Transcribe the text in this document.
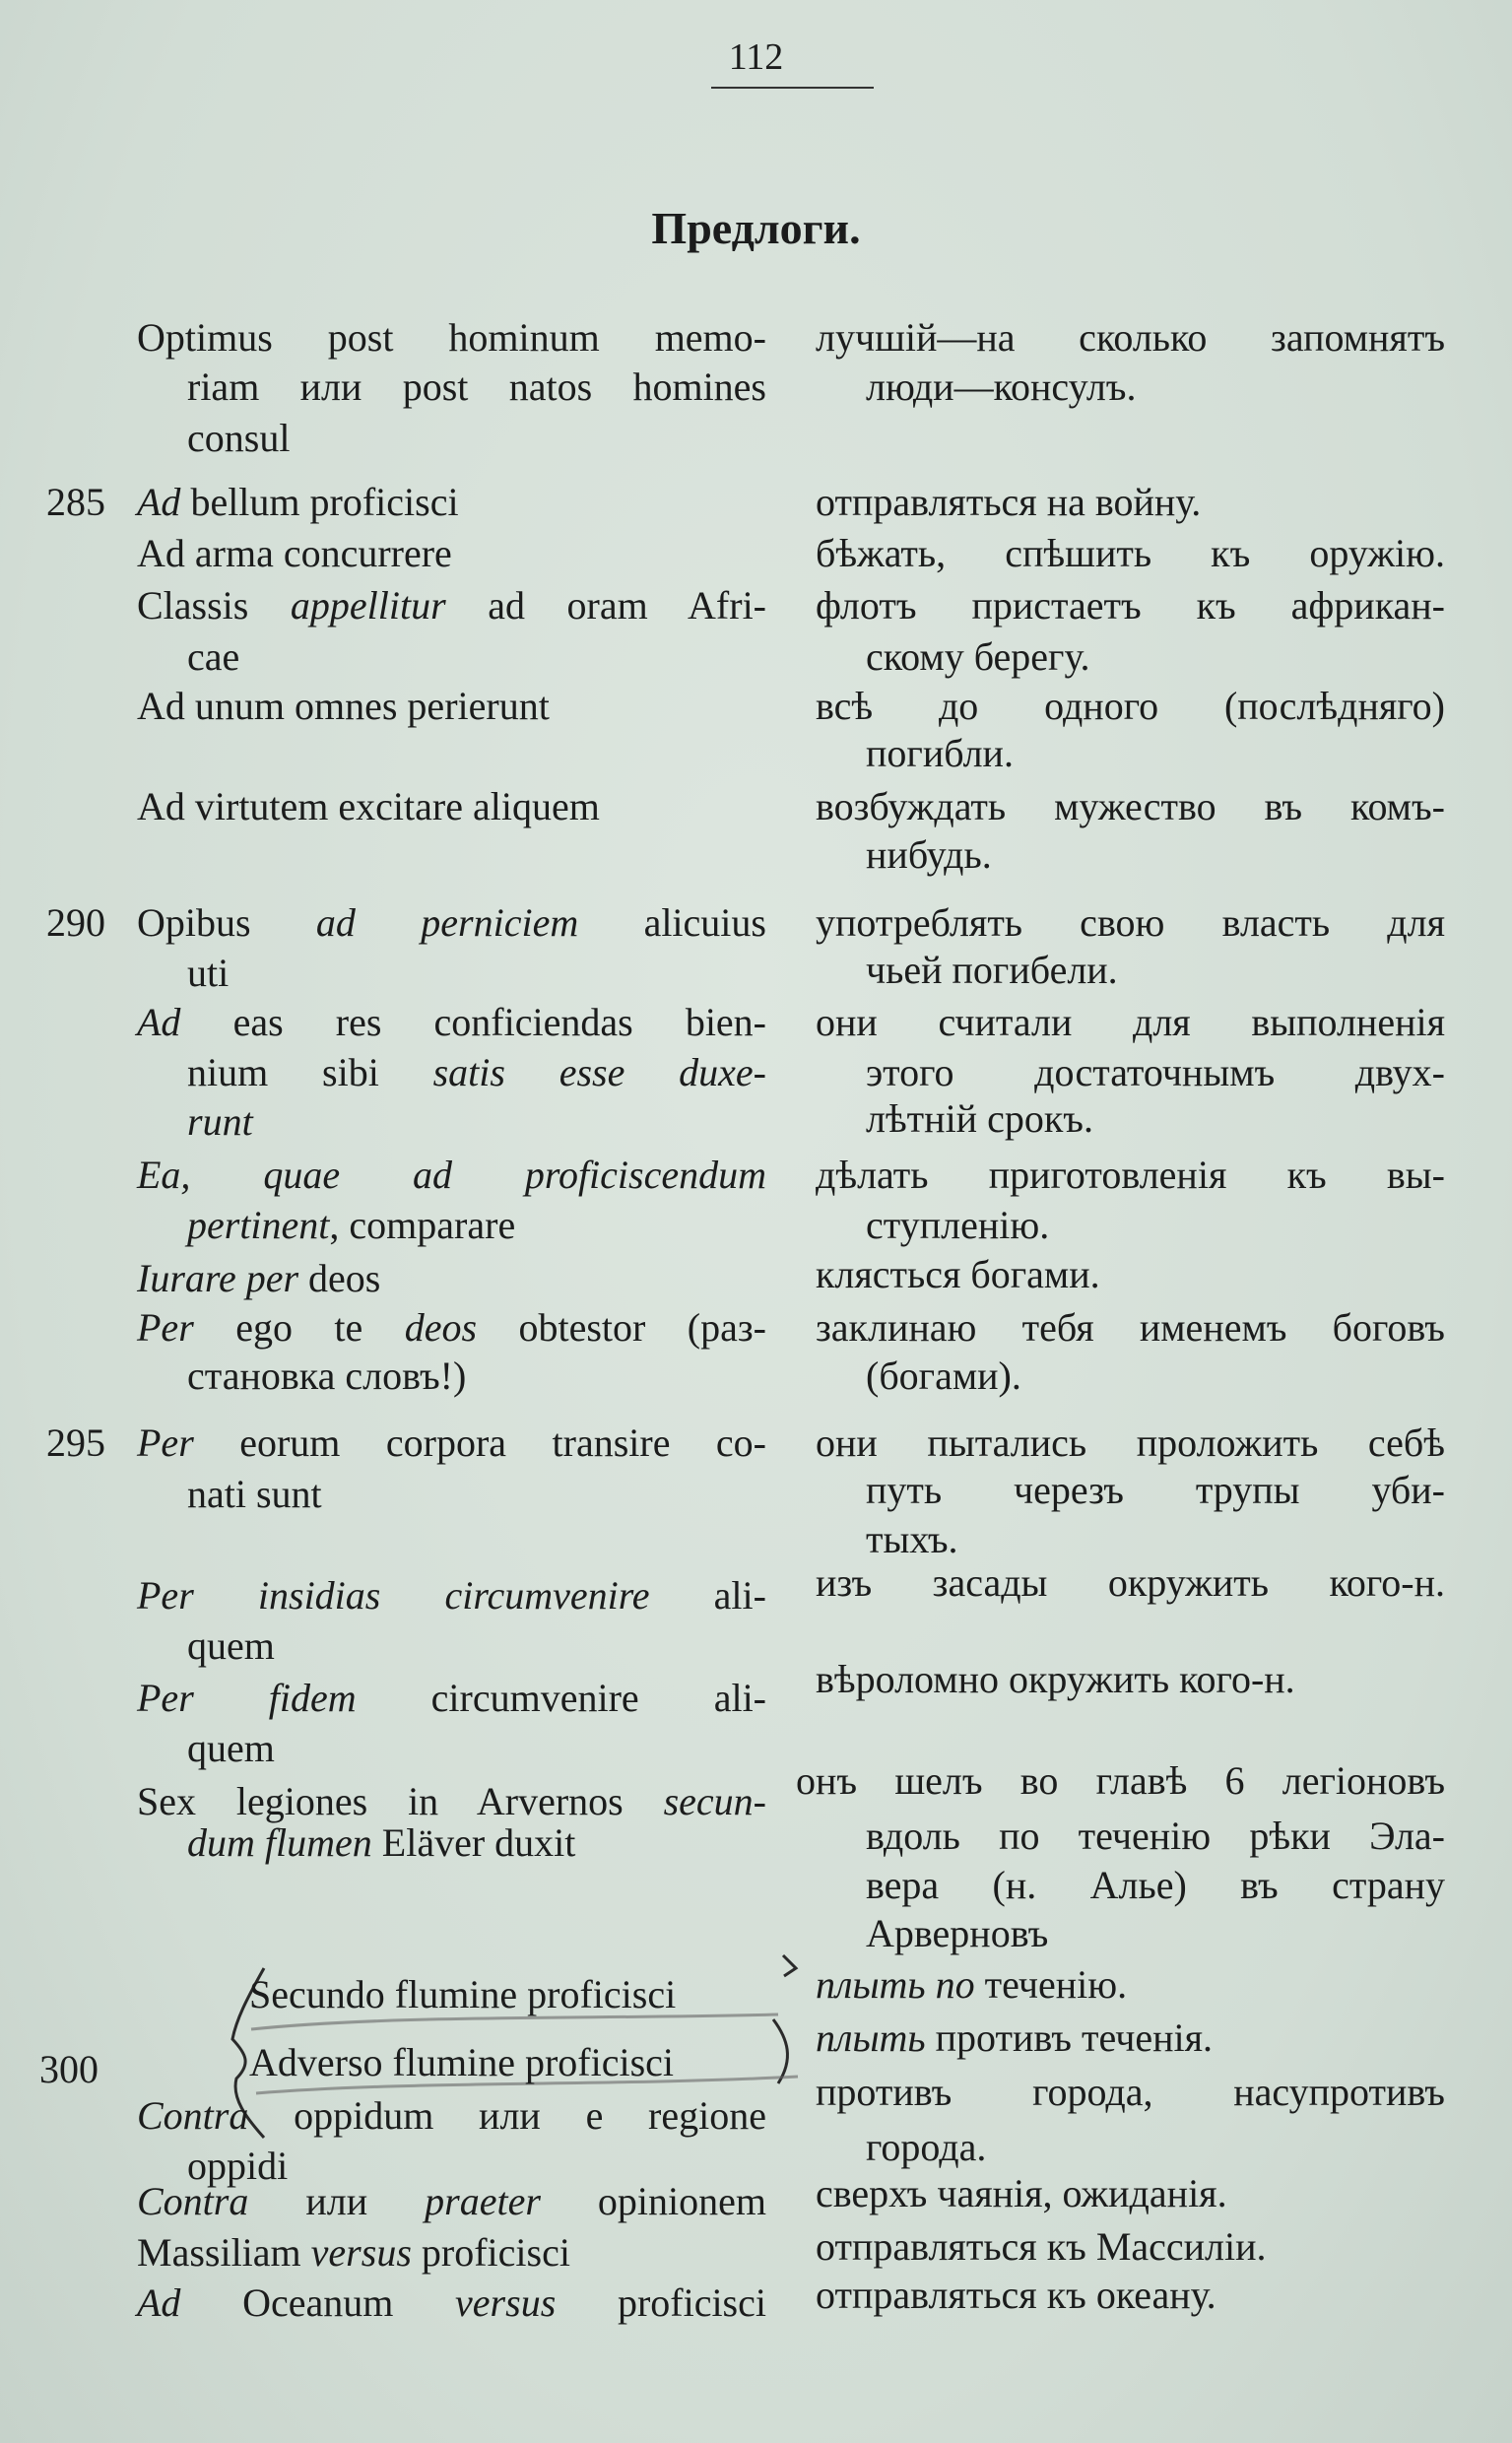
112
Предлоги.
Optimus post hominum memo-
riam или post natos homines
consul
Ad bellum proficisci
Ad arma concurrere
Classis appellitur ad oram Afri-
cae
Ad unum omnes perierunt
Ad virtutem excitare aliquem
Opibus ad perniciem alicuius
uti
Ad eas res conficiendas bien-
nium sibi satis esse duxe-
runt
Ea, quae ad proficiscendum
pertinent, comparare
Iurare per deos
Per ego te deos obtestor (раз-
становка словъ!)
Per eorum corpora transire co-
nati sunt
Per insidias circumvenire ali-
quem
Per fidem circumvenire ali-
quem
Sex legiones in Arvernos secun-
dum flumen Eläver duxit
Secundo flumine proficisci
Adverso flumine proficisci
Contra oppidum или e regione
oppidi
Contra или praeter opinionem
Massiliam versus proficisci
Ad Oceanum versus proficisci
лучшій—на сколько запомнятъ
люди—консулъ.
отправляться на войну.
бѣжать, спѣшить къ оружію.
флотъ пристаетъ къ африкан-
скому берегу.
всѣ до одного (послѣдняго)
погибли.
возбуждать мужество въ комъ-
нибудь.
употреблять свою власть для
чьей погибели.
они считали для выполненія
этого достаточнымъ двух-
лѣтній срокъ.
дѣлать приготовленія къ вы-
ступленію.
клясться богами.
заклинаю тебя именемъ боговъ
(богами).
они пытались проложить себѣ
путь черезъ трупы уби-
тыхъ.
изъ засады окружить кого-н.
вѣроломно окружить кого-н.
онъ шелъ во главѣ 6 легіоновъ
вдоль по теченію рѣки Эла-
вера (н. Алье) въ страну
Арверновъ
плыть по теченію.
плыть противъ теченія.
противъ города, насупротивъ
города.
сверхъ чаянія, ожиданія.
отправляться къ Массиліи.
отправляться къ океану.
285
290
295
300
